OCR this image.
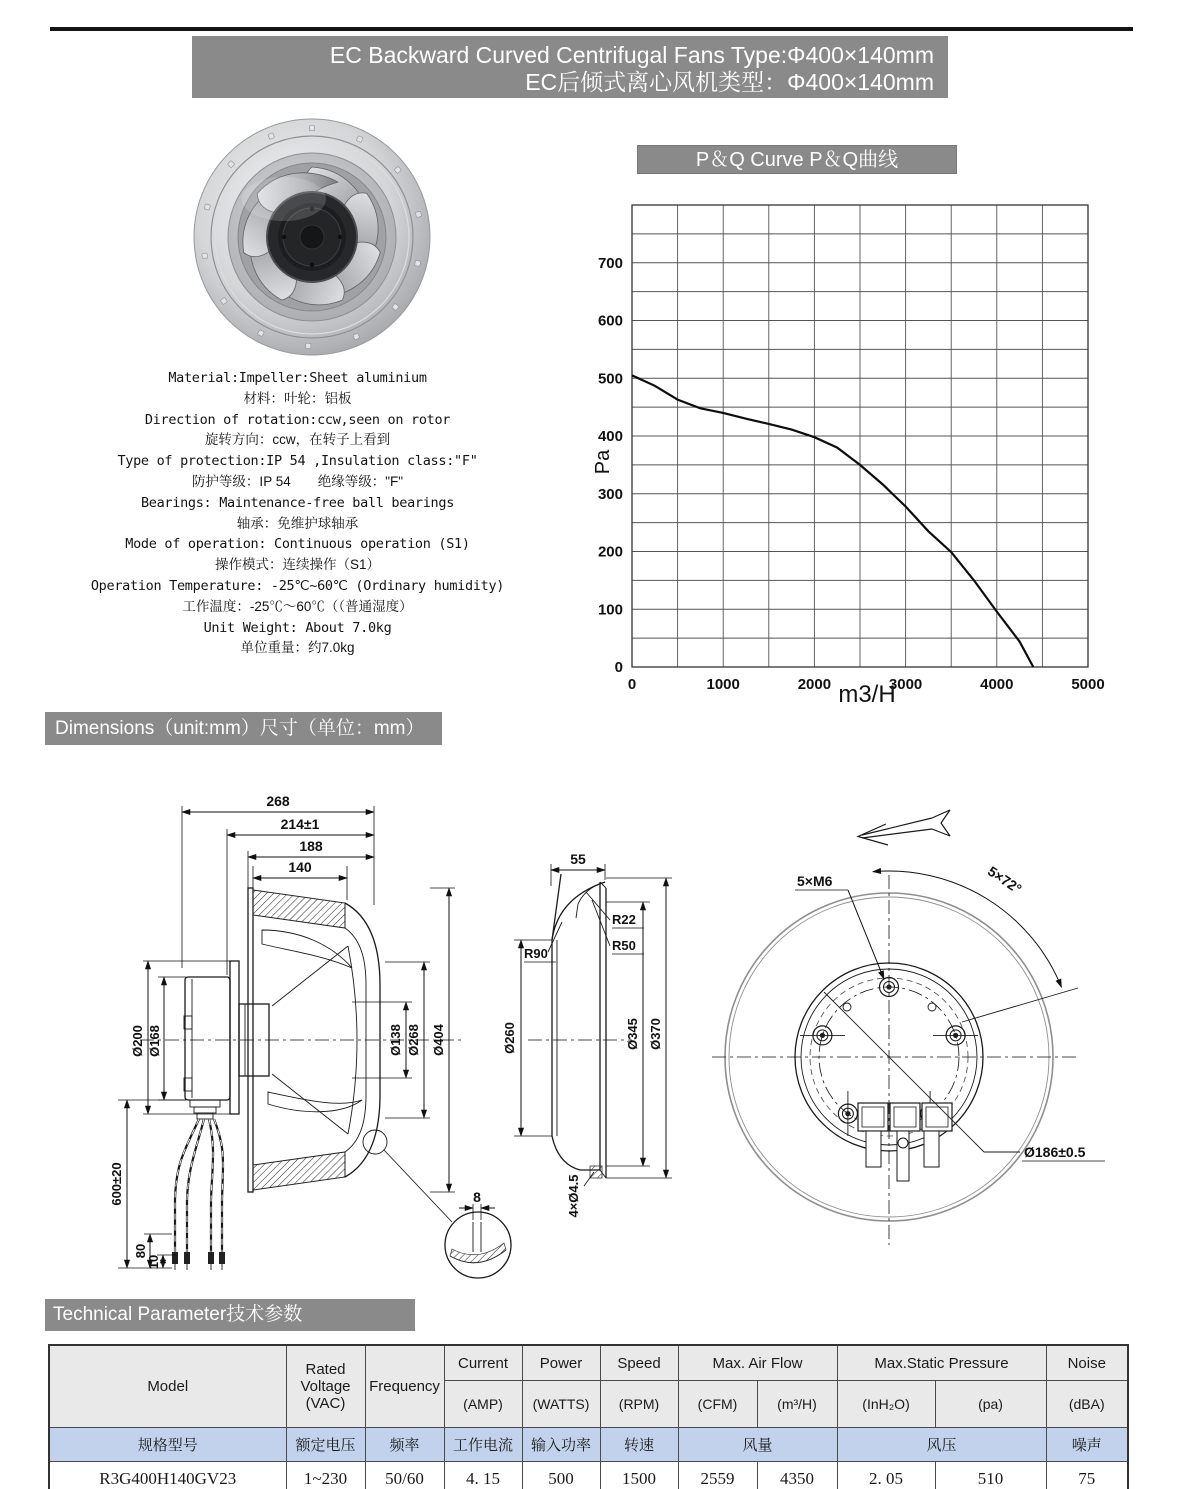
EC Backward Curved Centrifugal Fans Type:Φ400×140mm
EC后倾式离心风机类型：Φ400×140mm
Material:Impeller:Sheet aluminium
材料：叶轮：铝板
Direction of rotation:ccw,seen on rotor
旋转方向：ccw，在转子上看到
Type of protection:IP 54 ,Insulation class:"F"
防护等级：IP 54　　绝缘等级："F"
Bearings: Maintenance-free ball bearings
轴承：免维护球轴承
Mode of operation: Continuous operation (S1)
操作模式：连续操作（S1）
Operation Temperature: -25℃~60℃ (Ordinary humidity)
工作温度：-25℃～60℃（（普通湿度）
Unit Weight: About 7.0kg
单位重量：约7.0kg
P＆Q Curve P＆Q曲线
0	1000	2000	3000	4000	5000
0
100
200
300
400
500
600
700
Pa
m3/H
Dimensions（unit:mm）尺寸（单位：mm）
268
214±1
188
140
Ø200 Ø168	Ø138 Ø268 Ø404
600±20
80
10
8
55
R90
R22
R50
Ø260	Ø345 Ø370
4×Ø4.5
5×M6	5×72°
Ø186±0.5
Technical Parameter技术参数
Model	Rated Voltage (VAC)	Frequency	Current	Power	Speed	Max. Air Flow		Max.Static Pressure		Noise
			(AMP)	(WATTS)	(RPM)	(CFM)	(m³/H)	(InH₂O)	(pa)	(dBA)
规格型号	额定电压	频率	工作电流	输入功率	转速	风量		风压		噪声
R3G400H140GV23	1~230	50/60	4. 15	500	1500	2559	4350	2. 05	510	75
